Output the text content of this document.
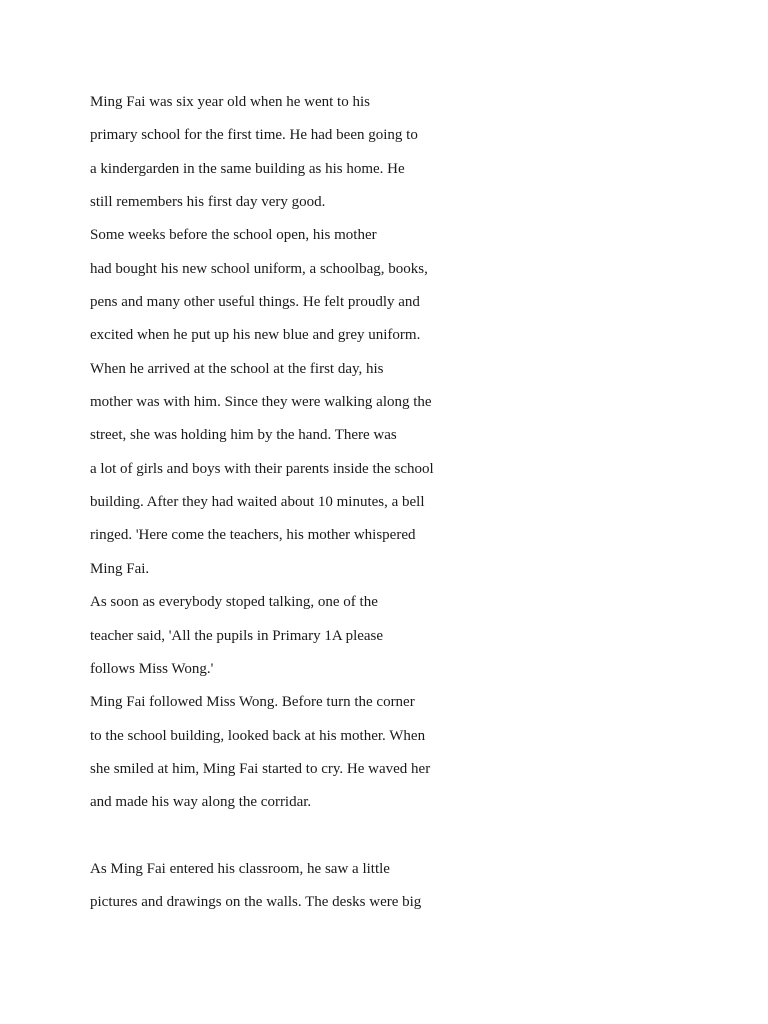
Ming Fai was six year old when he went to his
primary school for the first time. He had been going to
a kindergarden in the same building as his home. He
still remembers his first day very good.
Some weeks before the school open, his mother
had bought his new school uniform, a schoolbag, books,
pens and many other useful things. He felt proudly and
excited when he put up his new blue and grey uniform.
When he arrived at the school at the first day, his
mother was with him. Since they were walking along the
street, she was holding him by the hand. There was
a lot of girls and boys with their parents inside the school
building. After they had waited about 10 minutes, a bell
ringed. 'Here come the teachers, his mother whispered
Ming Fai.
As soon as everybody stoped talking, one of the
teacher said, 'All the pupils in Primary 1A please
follows Miss Wong.'
Ming Fai followed Miss Wong. Before turn the corner
to the school building, looked back at his mother. When
she smiled at him, Ming Fai started to cry. He waved her
and made his way along the corridar.
As Ming Fai entered his classroom, he saw a little
pictures and drawings on the walls. The desks were big
